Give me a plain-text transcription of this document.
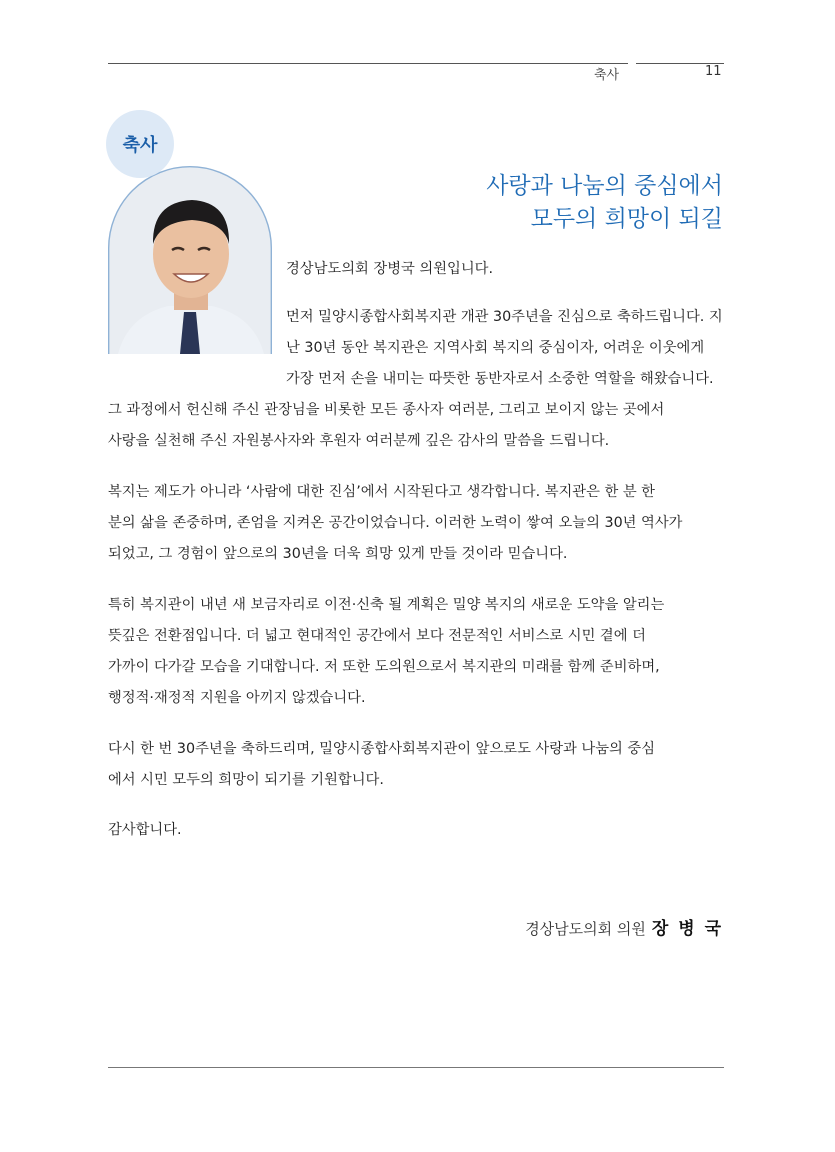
축사	11
축사
사랑과 나눔의 중심에서
모두의 희망이 되길
경상남도의회 장병국 의원입니다.
먼저 밀양시종합사회복지관 개관 30주년을 진심으로 축하드립니다. 지
난 30년 동안 복지관은 지역사회 복지의 중심이자, 어려운 이웃에게
가장 먼저 손을 내미는 따뜻한 동반자로서 소중한 역할을 해왔습니다.
그 과정에서 헌신해 주신 관장님을 비롯한 모든 종사자 여러분, 그리고 보이지 않는 곳에서
사랑을 실천해 주신 자원봉사자와 후원자 여러분께 깊은 감사의 말씀을 드립니다.
복지는 제도가 아니라 ‘사람에 대한 진심’에서 시작된다고 생각합니다. 복지관은 한 분 한
분의 삶을 존중하며, 존엄을 지켜온 공간이었습니다. 이러한 노력이 쌓여 오늘의 30년 역사가
되었고, 그 경험이 앞으로의 30년을 더욱 희망 있게 만들 것이라 믿습니다.
특히 복지관이 내년 새 보금자리로 이전·신축 될 계획은 밀양 복지의 새로운 도약을 알리는
뜻깊은 전환점입니다. 더 넓고 현대적인 공간에서 보다 전문적인 서비스로 시민 곁에 더
가까이 다가갈 모습을 기대합니다. 저 또한 도의원으로서 복지관의 미래를 함께 준비하며,
행정적·재정적 지원을 아끼지 않겠습니다.
다시 한 번 30주년을 축하드리며, 밀양시종합사회복지관이 앞으로도 사랑과 나눔의 중심
에서 시민 모두의 희망이 되기를 기원합니다.
감사합니다.
경상남도의회 의원 장 병 국
